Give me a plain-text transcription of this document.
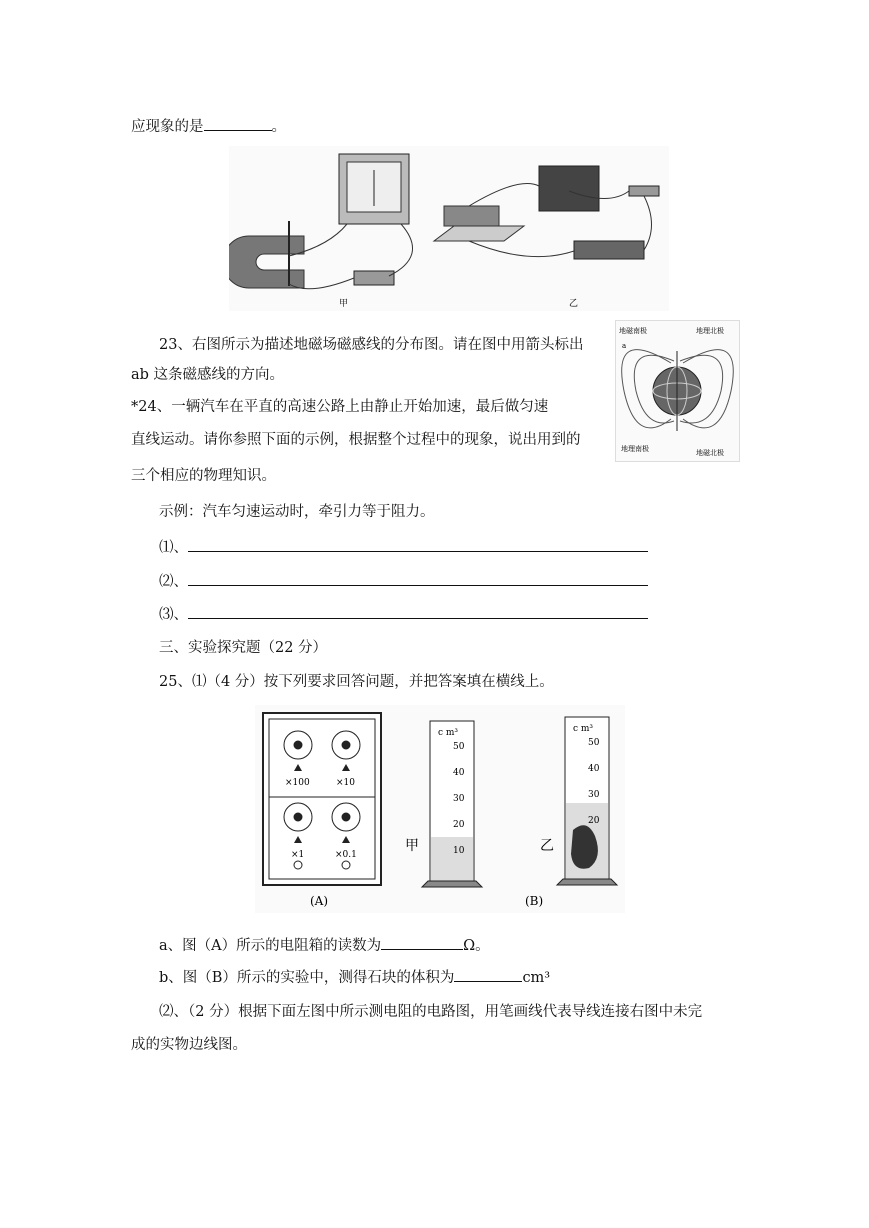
应现象的是	。
甲	乙
23、右图所示为描述地磁场磁感线的分布图。请在图中用箭头标出
ab 这条磁感线的方向。
地磁南极	地理北极
地理南极	地磁北极
a
*24、一辆汽车在平直的高速公路上由静止开始加速，最后做匀速
直线运动。请你参照下面的示例，根据整个过程中的现象，说出用到的
三个相应的物理知识。
示例：汽车匀速运动时，牵引力等于阻力。
⑴、
⑵、
⑶、
三、实验探究题（22 分）
25、⑴（4 分）按下列要求回答问题，并把答案填在横线上。
×100	×10
×1	×0.1
(A)
甲
c m³
50
40
30
20
10	乙
c m³
50
40
30
20
(B)
a、图（A）所示的电阻箱的读数为	Ω。
b、图（B）所示的实验中，测得石块的体积为	cm³
⑵、（2 分）根据下面左图中所示测电阻的电路图，用笔画线代表导线连接右图中未完
成的实物边线图。
